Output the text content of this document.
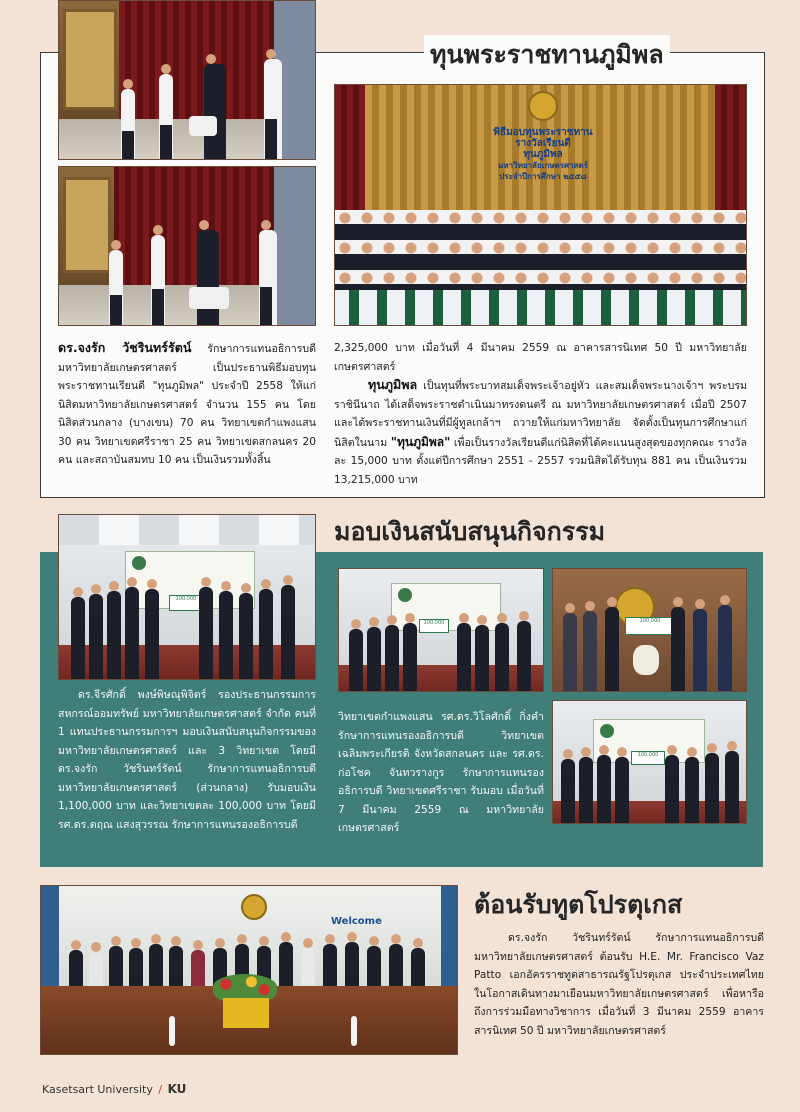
ทุนพระราชทานภูมิพล
พิธีมอบทุนพระราชทาน
รางวัลเรียนดี
ทุนภูมิพล
มหาวิทยาลัยเกษตรศาสตร์
ประจำปีการศึกษา ๒๕๕๘
ดร.จงรัก วัชรินทร์รัตน์ รักษาการแทนอธิการบดีมหาวิทยาลัยเกษตรศาสตร์ เป็นประธานพิธีมอบทุนพระราชทานเรียนดี "ทุนภูมิพล" ประจำปี 2558 ให้แก่นิสิตมหาวิทยาลัยเกษตรศาสตร์ จำนวน 155 คน โดยนิสิตส่วนกลาง (บางเขน) 70 คน วิทยาเขตกำแพงแสน 30 คน วิทยาเขตศรีราชา 25 คน วิทยาเขตสกลนคร 20 คน และสถาบันสมทบ 10 คน เป็นเงินรวมทั้งสิ้น
2,325,000 บาท เมื่อวันที่ 4 มีนาคม 2559 ณ อาคารสารนิเทศ 50 ปี มหาวิทยาลัยเกษตรศาสตร์
ทุนภูมิพล เป็นทุนที่พระบาทสมเด็จพระเจ้าอยู่หัว และสมเด็จพระนางเจ้าฯ พระบรมราชินีนาถ ได้เสด็จพระราชดำเนินมาทรงดนตรี ณ มหาวิทยาลัยเกษตรศาสตร์ เมื่อปี 2507 และได้พระราชทานเงินที่มีผู้ทูลเกล้าฯ ถวายให้แก่มหาวิทยาลัย จัดตั้งเป็นทุนการศึกษาแก่นิสิตในนาม "ทุนภูมิพล" เพื่อเป็นรางวัลเรียนดีแก่นิสิตที่ได้คะแนนสูงสุดของทุกคณะ รางวัลละ 15,000 บาท ตั้งแต่ปีการศึกษา 2551 - 2557 รวมนิสิตได้รับทุน 881 คน เป็นเงินรวม 13,215,000 บาท
มอบเงินสนับสนุนกิจกรรม
100,000
100,000	100,000
100,000
ดร.จีรศักดิ์ พงษ์พิษณุพิจิตร์ รองประธานกรรมการสหกรณ์ออมทรัพย์ มหาวิทยาลัยเกษตรศาสตร์ จำกัด คนที่ 1 แทนประธานกรรมการฯ มอบเงินสนับสนุนกิจกรรมของมหาวิทยาลัยเกษตรศาสตร์ และ 3 วิทยาเขต โดยมี ดร.จงรัก วัชรินทร์รัตน์ รักษาการแทนอธิการบดี มหาวิทยาลัยเกษตรศาสตร์ (ส่วนกลาง) รับมอบเงิน 1,100,000 บาท และวิทยาเขตละ 100,000 บาท โดยมี รศ.ดร.ตฤณ แสงสุวรรณ รักษาการแทนรองอธิการบดี
วิทยาเขตกำแพงแสน รศ.ดร.วิโลศักดิ์ กิ่งคำ รักษาการแทนรองอธิการบดี วิทยาเขตเฉลิมพระเกียรติ จังหวัดสกลนคร และ รศ.ดร. ก่อโชค จันทวรางกูร รักษาการแทนรองอธิการบดี วิทยาเขตศรีราชา รับมอบ เมื่อวันที่ 7 มีนาคม 2559 ณ มหาวิทยาลัยเกษตรศาสตร์
Welcome
ต้อนรับทูตโปรตุเกส
ดร.จงรัก วัชรินทร์รัตน์ รักษาการแทนอธิการบดีมหาวิทยาลัยเกษตรศาสตร์ ต้อนรับ H.E. Mr. Francisco Vaz Patto เอกอัครราชทูตสาธารณรัฐโปรตุเกส ประจำประเทศไทย ในโอกาสเดินทางมาเยือนมหาวิทยาลัยเกษตรศาสตร์ เพื่อหารือถึงการร่วมมือทางวิชาการ เมื่อวันที่ 3 มีนาคม 2559 อาคารสารนิเทศ 50 ปี มหาวิทยาลัยเกษตรศาสตร์
Kasetsart University / KU
